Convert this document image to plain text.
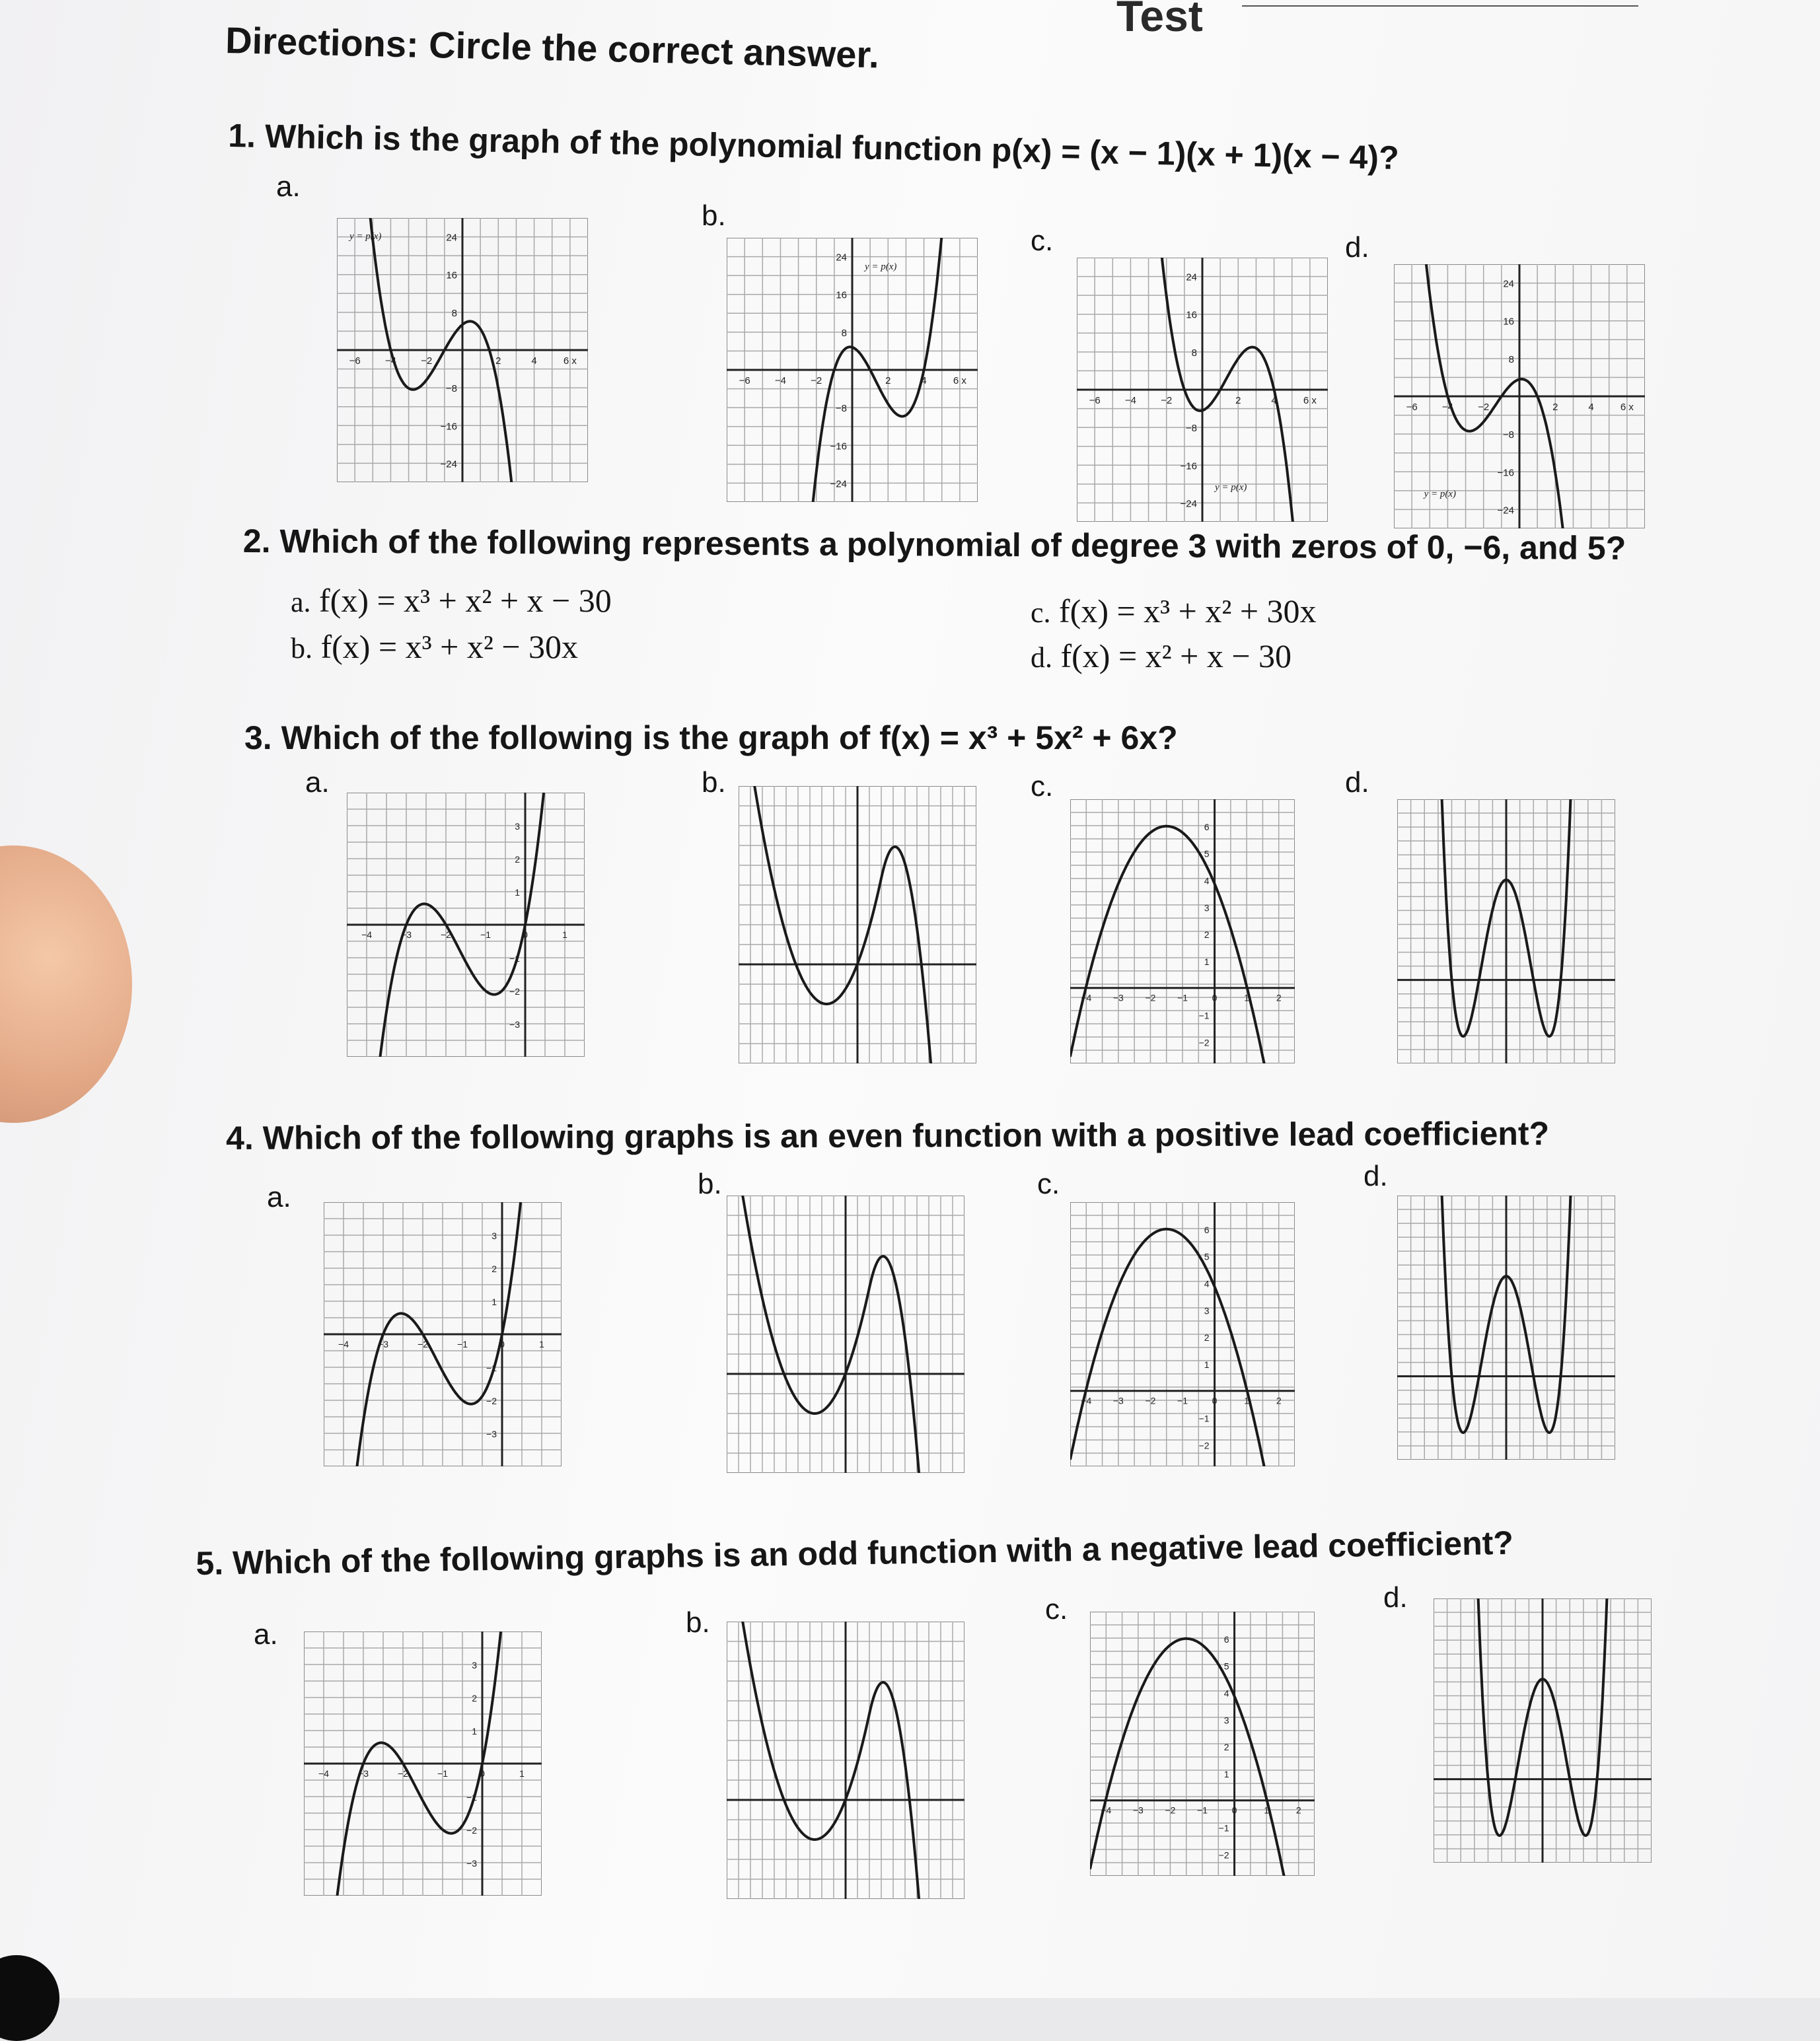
Test
Directions: Circle the correct answer.
1. Which is the graph of the polynomial function p(x) = (x − 1)(x + 1)(x − 4)?
a.
b.
c.	d.
24
16
8
−8
−16
−24
−6 −4 −2	2	4	6 x
y = p(x)
24
16
8
−8
−16
−24
−6 −4 −2	2	4	6 x
y = p(x)
24
16
8
−8
−16
−24
−6 −4 −2	2	4	6 x
y = p(x)
24
16
8
−8
−16
−24
−6 −4 −2	2	4	6 x
y = p(x)
2. Which of the following represents a polynomial of degree 3 with zeros of 0, −6, and 5?
a. f(x) = x³ + x² + x − 30
b. f(x) = x³ + x² − 30x
c. f(x) = x³ + x² + 30x
d. f(x) = x² + x − 30
3. Which of the following is the graph of f(x) = x³ + 5x² + 6x?
a.	b.	c.	d.
3
2
1
−1
−2
−3
−4	−3	−2	−1	0	1
6
5
4
3
2
1
−1
−2
−4 −3 −2 −1	0	1	2
4. Which of the following graphs is an even function with a positive lead coefficient?
a.	b.	c.	d.
3
2
1
−1
−2
−3
−4	−3	−2	−1	0	1
6
5
4
3
2
1
−1
−2
−4 −3 −2 −1	0	1	2
5. Which of the following graphs is an odd function with a negative lead coefficient?
a.	b.	c.	d.
3
2
1
−1
−2
−3
−4	−3	−2	−1	0	1
6
5
4
3
2
1
−1
−2
−4 −3 −2 −1	0	1	2
